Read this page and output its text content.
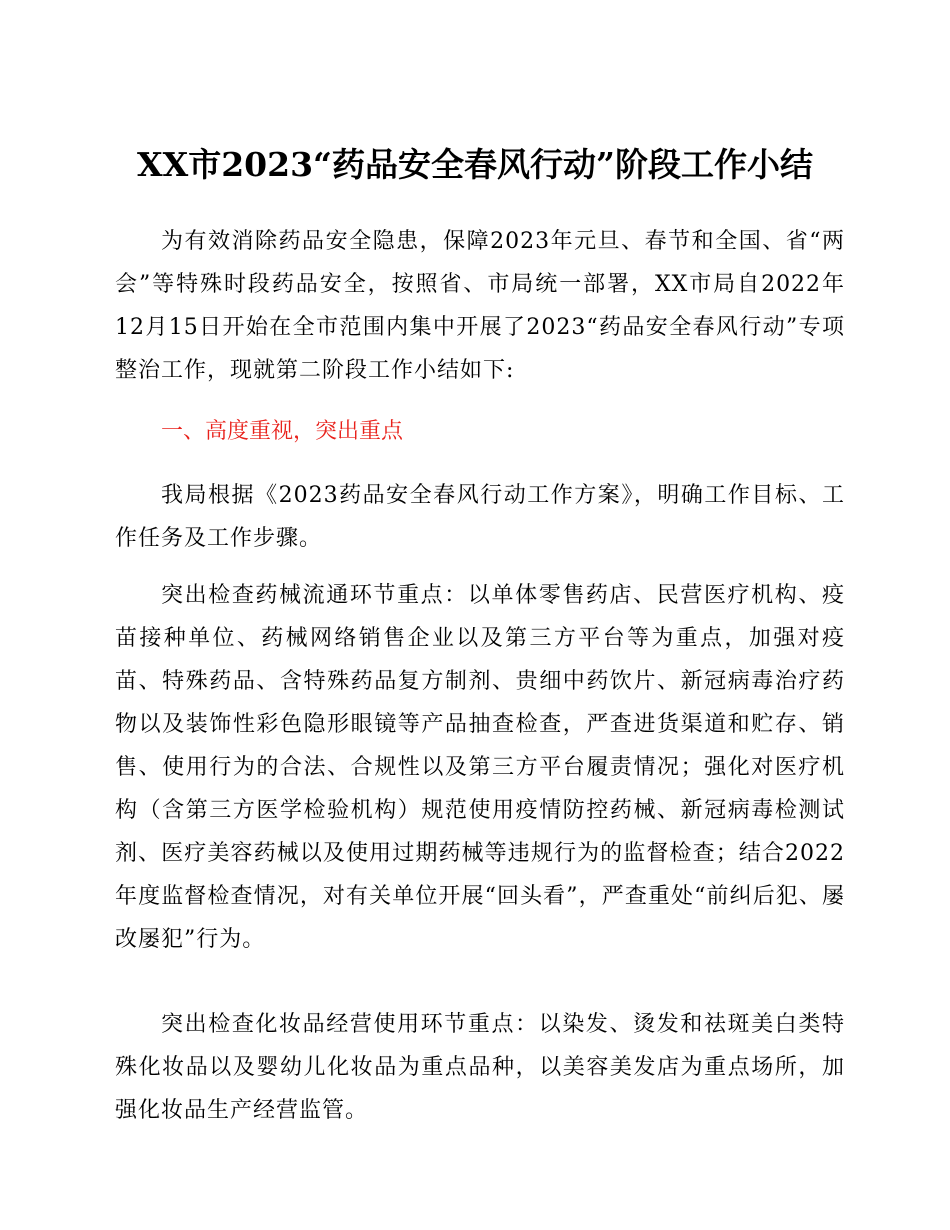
XX市2023“药品安全春风行动”阶段工作小结

为有效消除药品安全隐患，保障2023年元旦、春节和全国、省“两会”等特殊时段药品安全，按照省、市局统一部署，XX市局自2022年12月15日开始在全市范围内集中开展了2023“药品安全春风行动”专项整治工作，现就第二阶段工作小结如下:

一、高度重视，突出重点

我局根据《2023药品安全春风行动工作方案》，明确工作目标、工作任务及工作步骤。

突出检查药械流通环节重点：以单体零售药店、民营医疗机构、疫苗接种单位、药械网络销售企业以及第三方平台等为重点，加强对疫苗、特殊药品、含特殊药品复方制剂、贵细中药饮片、新冠病毒治疗药物以及装饰性彩色隐形眼镜等产品抽查检查，严查进货渠道和贮存、销售、使用行为的合法、合规性以及第三方平台履责情况；强化对医疗机构（含第三方医学检验机构）规范使用疫情防控药械、新冠病毒检测试剂、医疗美容药械以及使用过期药械等违规行为的监督检查；结合2022年度监督检查情况，对有关单位开展“回头看”，严查重处“前纠后犯、屡改屡犯”行为。

突出检查化妆品经营使用环节重点：以染发、烫发和祛斑美白类特殊化妆品以及婴幼儿化妆品为重点品种，以美容美发店为重点场所，加强化妆品生产经营监管。
